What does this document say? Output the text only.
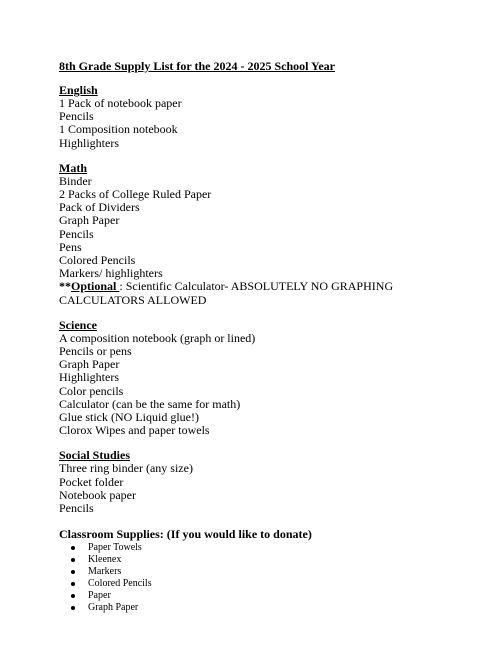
8th Grade Supply List for the 2024 - 2025 School Year

English

1 Pack of notebook paper

Pencils

1 Composition notebook

Highlighters

Math

Binder

2 Packs of College Ruled Paper

Pack of Dividers

Graph Paper

Pencils

Pens

Colored Pencils

Markers/ highlighters

**Optional : Scientific Calculator- ABSOLUTELY NO GRAPHING CALCULATORS ALLOWED

Science

A composition notebook (graph or lined)

Pencils or pens

Graph Paper

Highlighters

Color pencils

Calculator (can be the same for math)

Glue stick (NO Liquid glue!)

Clorox Wipes and paper towels

Social Studies

Three ring binder (any size)

Pocket folder

Notebook paper

Pencils

Classroom Supplies: (If you would like to donate)

Paper Towels
Kleenex
Markers
Colored Pencils
Paper
Graph Paper
